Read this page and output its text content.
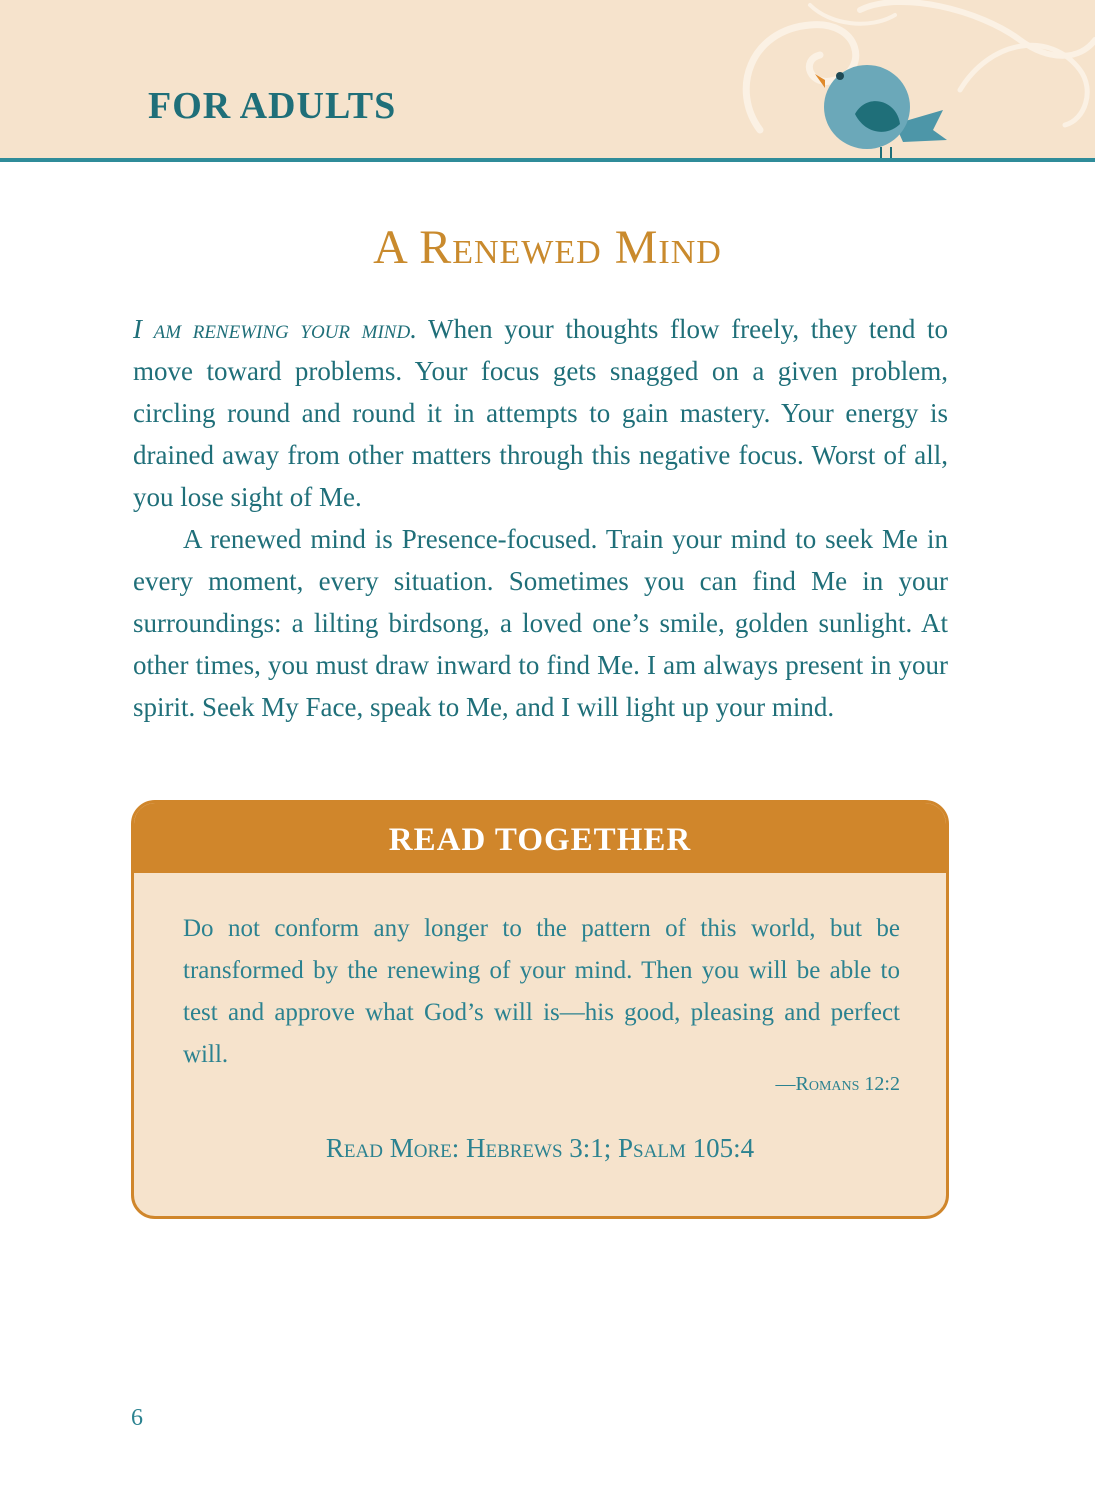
FOR ADULTS
A Renewed Mind

I am renewing your mind. When your thoughts flow freely, they tend to move toward problems. Your focus gets snagged on a given problem, circling round and round it in attempts to gain mastery. Your energy is drained away from other matters through this negative focus. Worst of all, you lose sight of Me.

A renewed mind is Presence-focused. Train your mind to seek Me in every moment, every situation. Sometimes you can find Me in your surroundings: a lilting birdsong, a loved one’s smile, golden sunlight. At other times, you must draw inward to find Me. I am always present in your spirit. Seek My Face, speak to Me, and I will light up your mind.

READ TOGETHER

Do not conform any longer to the pattern of this world, but be transformed by the renewing of your mind. Then you will be able to test and approve what God’s will is—his good, pleasing and perfect will.

—Romans 12:2

Read More: Hebrews 3:1; Psalm 105:4

6
